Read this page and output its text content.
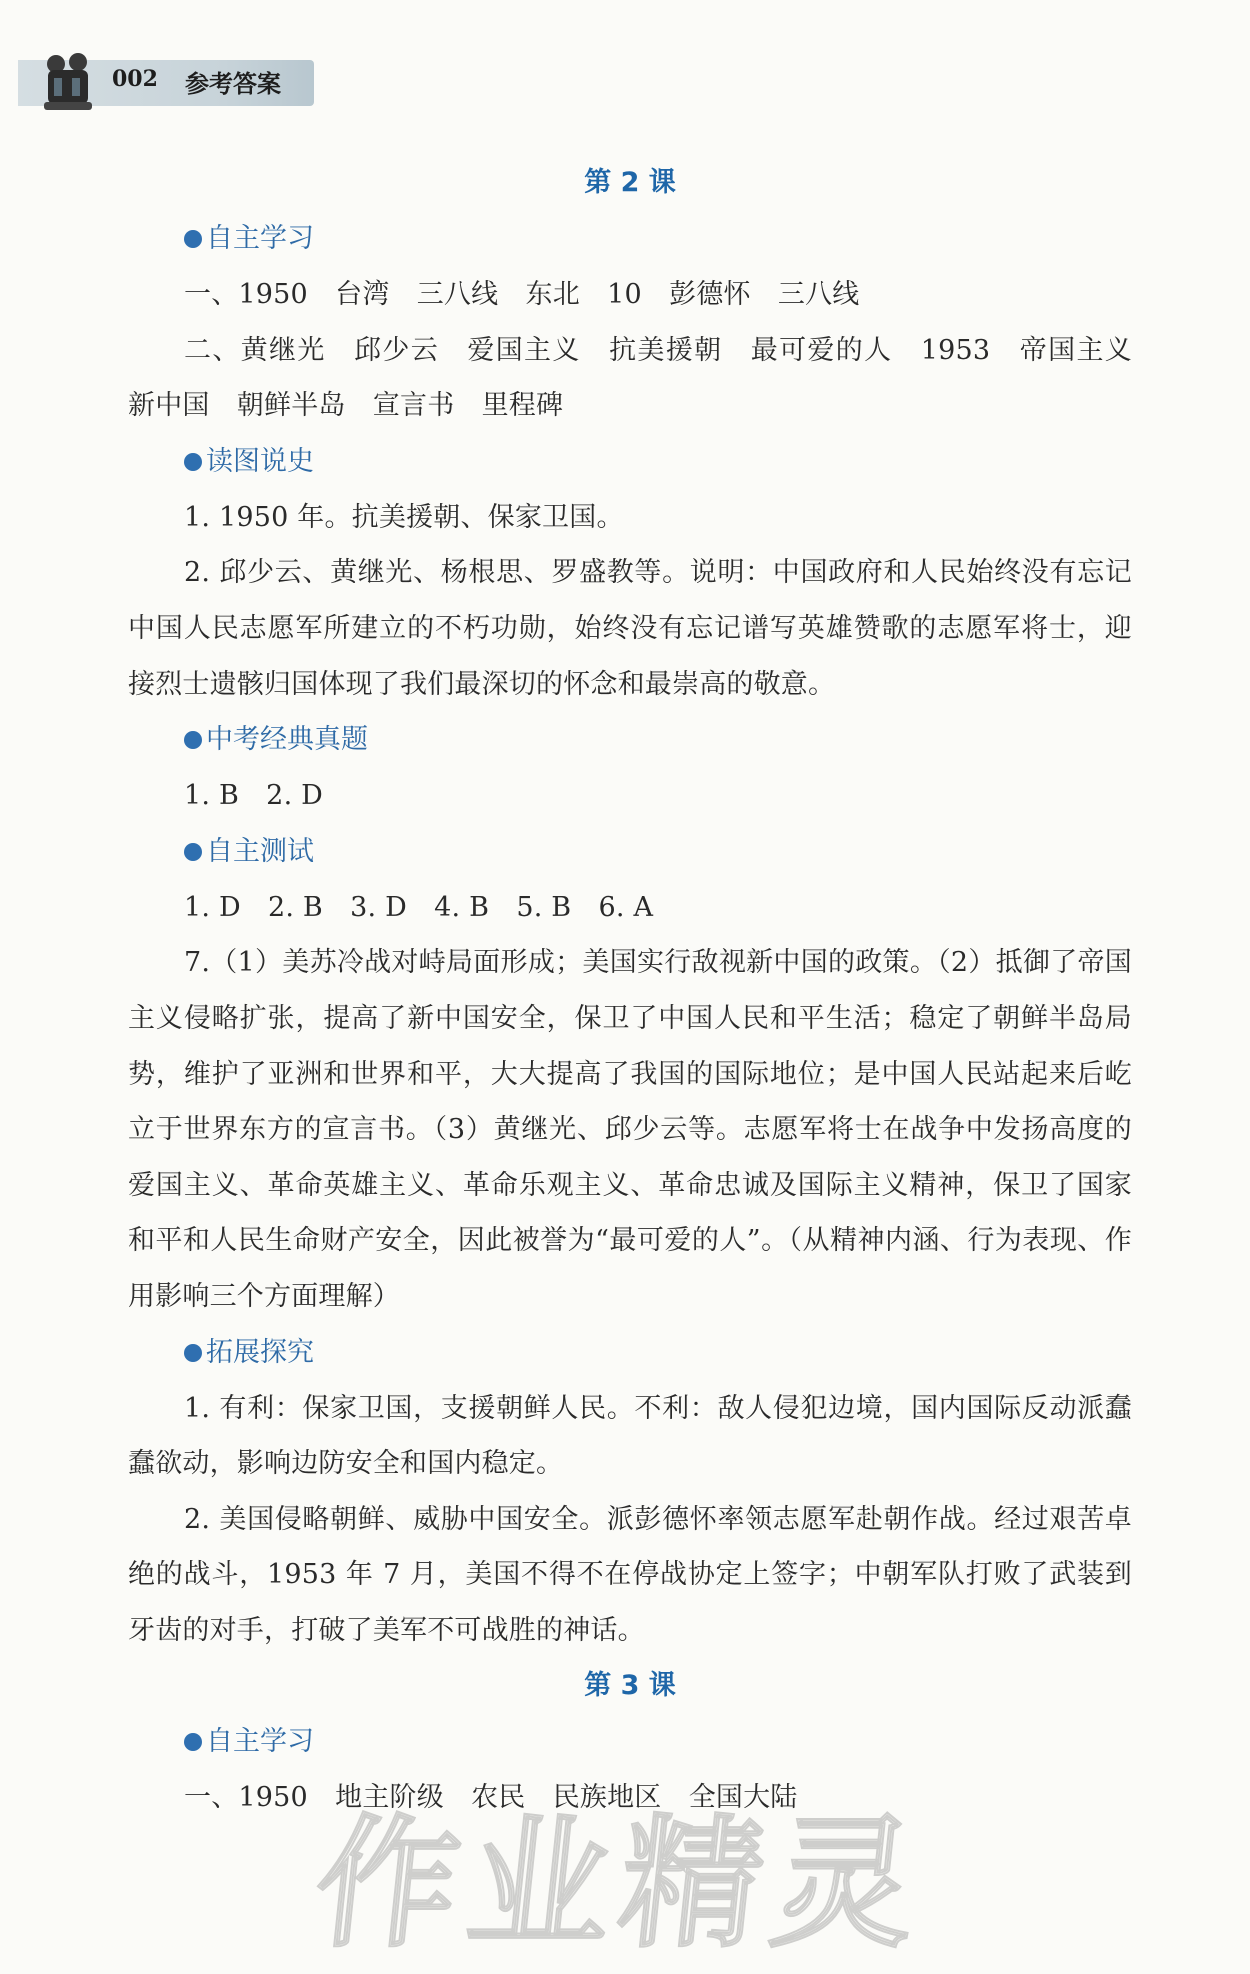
002 参考答案
第 2 课
自主学习

一、1950　台湾　三八线　东北　10　彭德怀　三八线

二、黄继光　邱少云　爱国主义　抗美援朝　最可爱的人　1953　帝国主义　新中国　朝鲜半岛　宣言书　里程碑

读图说史

1. 1950 年。抗美援朝、保家卫国。

2. 邱少云、黄继光、杨根思、罗盛教等。说明：中国政府和人民始终没有忘记中国人民志愿军所建立的不朽功勋，始终没有忘记谱写英雄赞歌的志愿军将士，迎接烈士遗骸归国体现了我们最深切的怀念和最崇高的敬意。

中考经典真题

1. B　2. D

自主测试

1. D　2. B　3. D　4. B　5. B　6. A

7.（1）美苏冷战对峙局面形成；美国实行敌视新中国的政策。（2）抵御了帝国主义侵略扩张，提高了新中国安全，保卫了中国人民和平生活；稳定了朝鲜半岛局势，维护了亚洲和世界和平，大大提高了我国的国际地位；是中国人民站起来后屹立于世界东方的宣言书。（3）黄继光、邱少云等。志愿军将士在战争中发扬高度的爱国主义、革命英雄主义、革命乐观主义、革命忠诚及国际主义精神，保卫了国家和平和人民生命财产安全，因此被誉为“最可爱的人”。（从精神内涵、行为表现、作用影响三个方面理解）

拓展探究

1. 有利：保家卫国，支援朝鲜人民。不利：敌人侵犯边境，国内国际反动派蠢蠢欲动，影响边防安全和国内稳定。

2. 美国侵略朝鲜、威胁中国安全。派彭德怀率领志愿军赴朝作战。经过艰苦卓绝的战斗，1953 年 7 月，美国不得不在停战协定上签字；中朝军队打败了武装到牙齿的对手，打破了美军不可战胜的神话。

第 3 课
自主学习

一、1950　地主阶级　农民　民族地区　全国大陆

作业精灵
